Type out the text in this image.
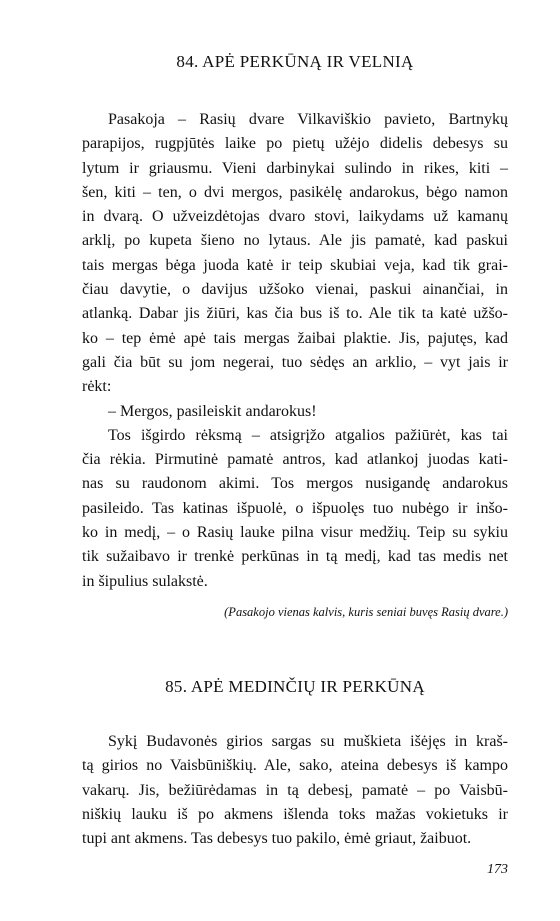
84. APĖ PERKŪNĄ IR VELNIĄ
Pasakoja – Rasių dvare Vilkaviškio pavieto, Bartnykų
parapijos, rugpjūtės laike po pietų užėjo didelis debesys su
lytum ir griausmu. Vieni darbinykai sulindo in rikes, kiti –
šen, kiti – ten, o dvi mergos, pasikėlę andarokus, bėgo namon
in dvarą. O užveizdėtojas dvaro stovi, laikydams už kamanų
arklį, po kupeta šieno no lytaus. Ale jis pamatė, kad paskui
tais mergas bėga juoda katė ir teip skubiai veja, kad tik grai-
čiau davytie, o davijus užšoko vienai, paskui ainančiai, in
atlanką. Dabar jis žiūri, kas čia bus iš to. Ale tik ta katė užšo-
ko – tep ėmė apė tais mergas žaibai plaktie. Jis, pajutęs, kad
gali čia būt su jom negerai, tuo sėdęs an arklio, – vyt jais ir
rėkt:
– Mergos, pasileiskit andarokus!
Tos išgirdo rėksmą – atsigrįžo atgalios pažiūrėt, kas tai
čia rėkia. Pirmutinė pamatė antros, kad atlankoj juodas kati-
nas su raudonom akimi. Tos mergos nusigandę andarokus
pasileido. Tas katinas išpuolė, o išpuolęs tuo nubėgo ir inšo-
ko in medį, – o Rasių lauke pilna visur medžių. Teip su sykiu
tik sužaibavo ir trenkė perkūnas in tą medį, kad tas medis net
in šipulius sulakstė.

(Pasakojo vienas kalvis, kuris seniai buvęs Rasių dvare.)

85. APĖ MEDINČIŲ IR PERKŪNĄ
Sykį Budavonės girios sargas su muškieta išėjęs in kraš-
tą girios no Vaisbūniškių. Ale, sako, ateina debesys iš kampo
vakarų. Jis, bežiūrėdamas in tą debesį, pamatė – po Vaisbū-
niškių lauku iš po akmens išlenda toks mažas vokietuks ir
tupi ant akmens. Tas debesys tuo pakilo, ėmė griaut, žaibuot.
173
